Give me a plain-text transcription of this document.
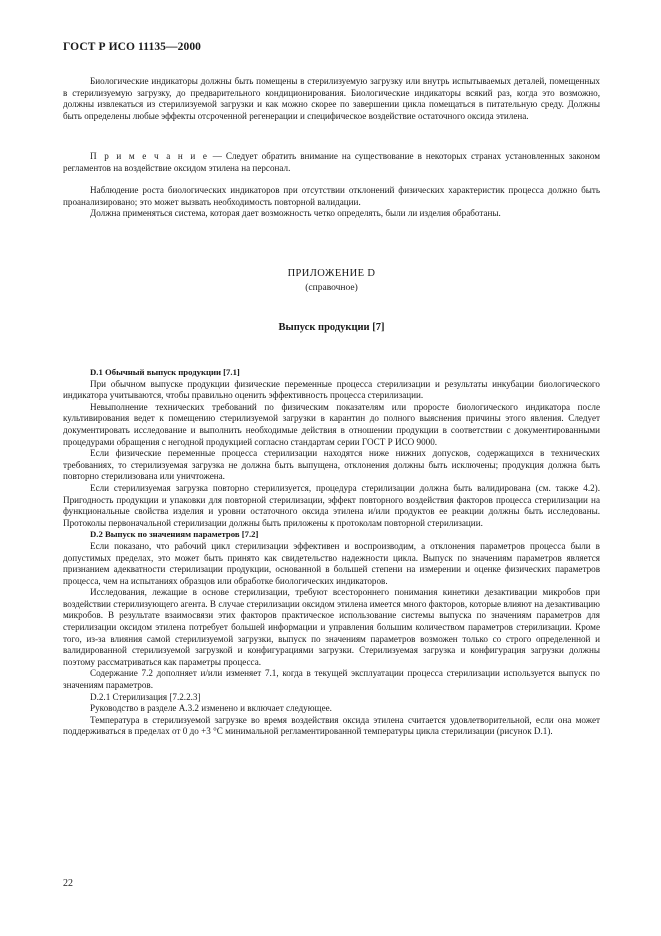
ГОСТ Р ИСО 11135—2000

Биологические индикаторы должны быть помещены в стерилизуемую загрузку или внутрь испытываемых деталей, помещенных в стерилизуемую загрузку, до предварительного кондиционирования. Биологические индикаторы всякий раз, когда это возможно, должны извлекаться из стерилизуемой загрузки и как можно скорее по завершении цикла помещаться в питательную среду. Должны быть определены любые эффекты отсроченной регенерации и специфическое воздействие остаточного оксида этилена.

П р и м е ч а н и е — Следует обратить внимание на существование в некоторых странах установленных законом регламентов на воздействие оксидом этилена на персонал.

Наблюдение роста биологических индикаторов при отсутствии отклонений физических характеристик процесса должно быть проанализировано; это может вызвать необходимость повторной валидации.

Должна применяться система, которая дает возможность четко определять, были ли изделия обработаны.

ПРИЛОЖЕНИЕ D
(справочное)
Выпуск продукции [7]

D.1 Обычный выпуск продукции [7.1]

При обычном выпуске продукции физические переменные процесса стерилизации и результаты инкубации биологического индикатора учитываются, чтобы правильно оценить эффективность процесса стерилизации.

Невыполнение технических требований по физическим показателям или проросте биологического индикатора после культивирования ведет к помещению стерилизуемой загрузки в карантин до полного выяснения причины этого явления. Следует документировать исследование и выполнить необходимые действия в отношении продукции в соответствии с документированными процедурами обращения с негодной продукцией согласно стандартам серии ГОСТ Р ИСО 9000.

Если физические переменные процесса стерилизации находятся ниже нижних допусков, содержащихся в технических требованиях, то стерилизуемая загрузка не должна быть выпущена, отклонения должны быть исключены; продукция должна быть повторно стерилизована или уничтожена.

Если стерилизуемая загрузка повторно стерилизуется, процедура стерилизации должна быть валидирована (см. также 4.2). Пригодность продукции и упаковки для повторной стерилизации, эффект повторного воздействия факторов процесса стерилизации на функциональные свойства изделия и уровни остаточного оксида этилена и/или продуктов ее реакции должны быть исследованы. Протоколы первоначальной стерилизации должны быть приложены к протоколам повторной стерилизации.

D.2 Выпуск по значениям параметров [7.2]

Если показано, что рабочий цикл стерилизации эффективен и воспроизводим, а отклонения параметров процесса были в допустимых пределах, это может быть принято как свидетельство надежности цикла. Выпуск по значениям параметров является признанием адекватности стерилизации продукции, основанной в большей степени на измерении и оценке физических параметров процесса, чем на испытаниях образцов или обработке биологических индикаторов.

Исследования, лежащие в основе стерилизации, требуют всестороннего понимания кинетики дезактивации микробов при воздействии стерилизующего агента. В случае стерилизации оксидом этилена имеется много факторов, которые влияют на дезактивацию микробов. В результате взаимосвязи этих факторов практическое использование системы выпуска по значениям параметров для стерилизации оксидом этилена потребует большей информации и управления большим количеством параметров стерилизации. Кроме того, из-за влияния самой стерилизуемой загрузки, выпуск по значениям параметров возможен только со строго определенной и валидированной стерилизуемой загрузкой и конфигурациями загрузки. Стерилизуемая загрузка и конфигурация загрузки должны поэтому рассматриваться как параметры процесса.

Содержание 7.2 дополняет и/или изменяет 7.1, когда в текущей эксплуатации процесса стерилизации используется выпуск по значениям параметров.

D.2.1 Стерилизация [7.2.2.3]

Руководство в разделе А.3.2 изменено и включает следующее.

Температура в стерилизуемой загрузке во время воздействия оксида этилена считается удовлетворительной, если она может поддерживаться в пределах от 0 до +3 °С минимальной регламентированной температуры цикла стерилизации (рисунок D.1).

22
